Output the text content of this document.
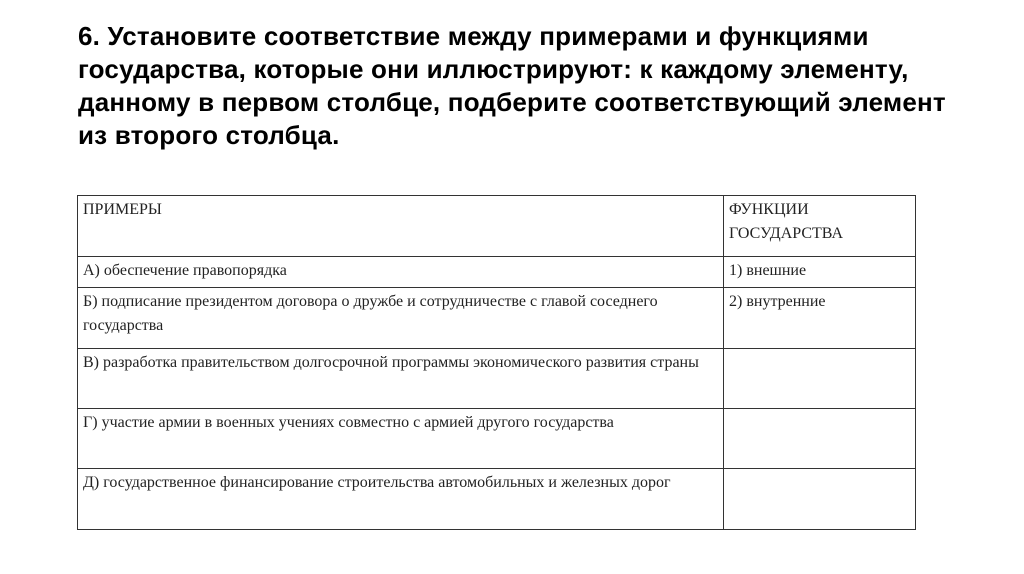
6. Установите соответствие между примерами и функциями государства, которые они иллюстрируют: к каждому элементу, данному в первом столбце, подберите соответствующий элемент из второго столбца.
ПРИМЕРЫ	ФУНКЦИИ ГОСУДАРСТВА
А) обеспечение правопорядка	1) внешние
Б) подписание президентом договора о дружбе и сотрудничестве с главой соседнего государства	2) внутренние
В) разработка правительством долгосрочной программы экономического развития страны	
Г) участие армии в военных учениях совместно с армией другого государства	
Д) государственное финансирование строительства автомобильных и железных дорог	
